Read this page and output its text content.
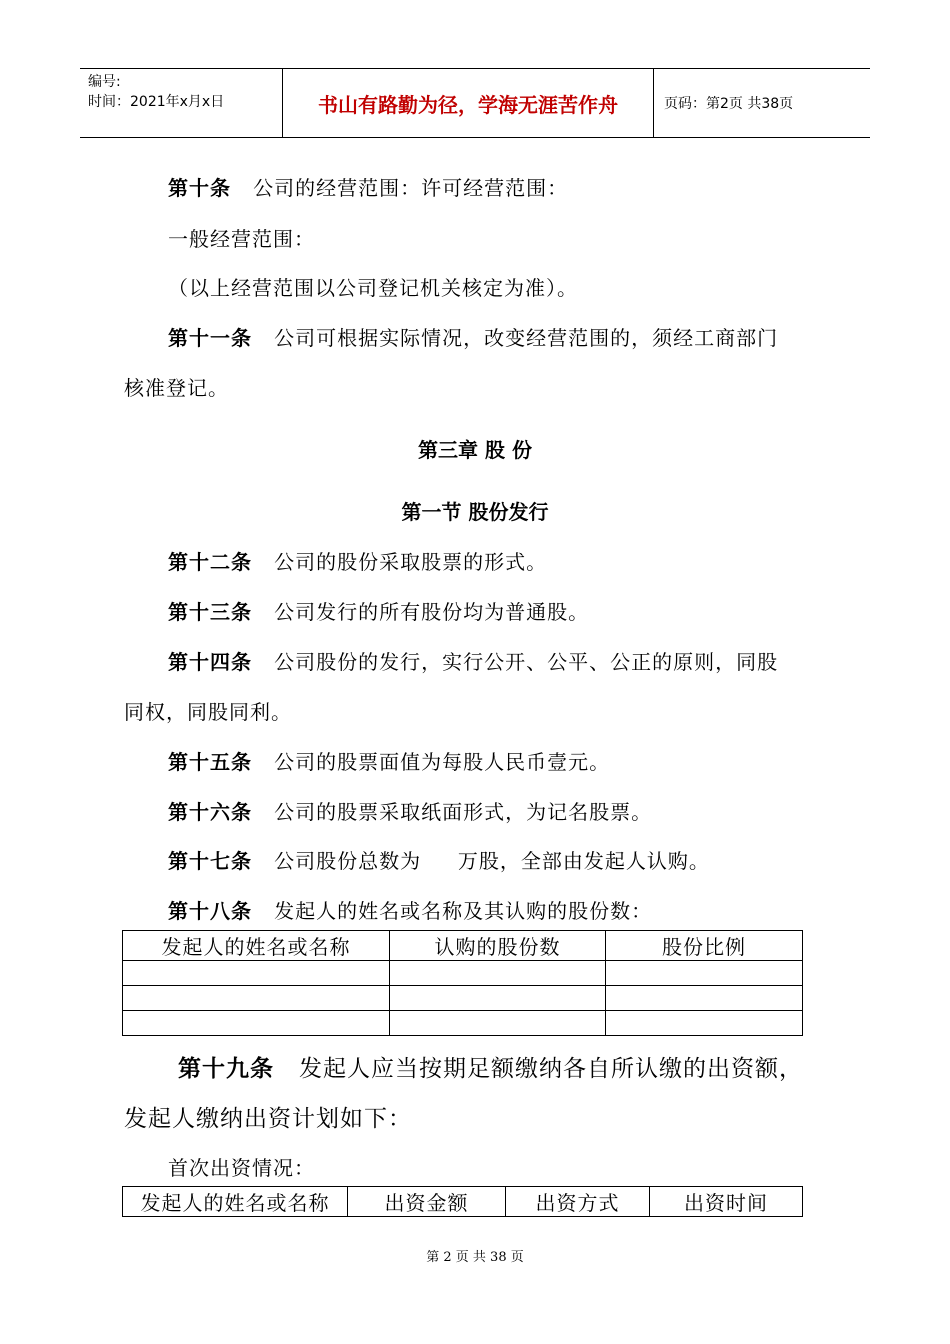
编号:
时间：2021年x月x日	书山有路勤为径，学海无涯苦作舟	页码：第2页 共38页
第十条 公司的经营范围：许可经营范围：
一般经营范围：
（以上经营范围以公司登记机关核定为准）。
第十一条 公司可根据实际情况，改变经营范围的，须经工商部门
核准登记。
第三章 股 份
第一节 股份发行
第十二条 公司的股份采取股票的形式。
第十三条 公司发行的所有股份均为普通股。
第十四条 公司股份的发行，实行公开、公平、公正的原则，同股
同权，同股同利。
第十五条 公司的股票面值为每股人民币壹元。
第十六条 公司的股票采取纸面形式，为记名股票。
第十七条 公司股份总数为     万股，全部由发起人认购。
第十八条 发起人的姓名或名称及其认购的股份数：
发起人的姓名或名称	认购的股份数	股份比例

第十九条 发起人应当按期足额缴纳各自所认缴的出资额，
发起人缴纳出资计划如下：
首次出资情况：
发起人的姓名或名称	出资金额	出资方式	出资时间
第 2 页 共 38 页
